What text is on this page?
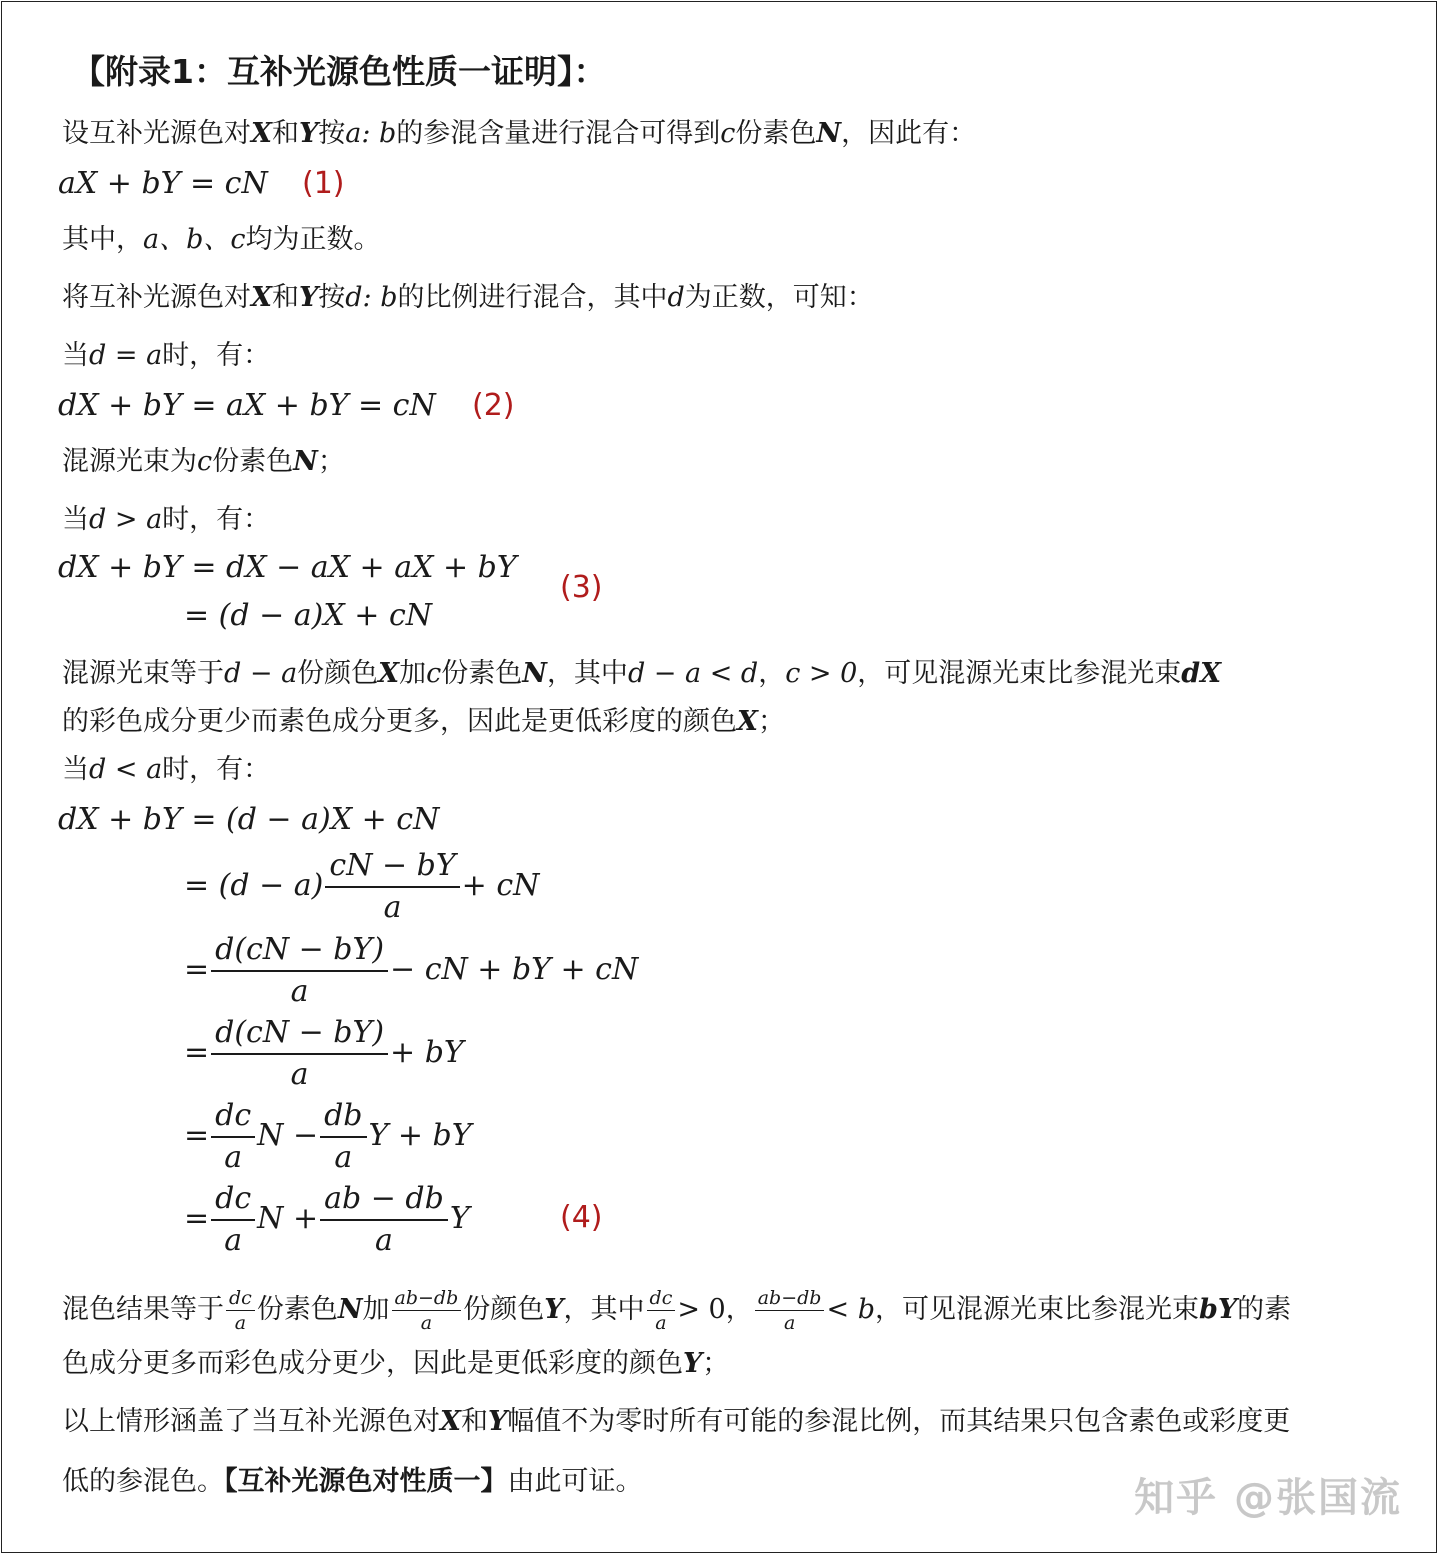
【附录1：互补光源色性质一证明】：
设互补光源色对X和Y按a: b的参混含量进行混合可得到c份素色N，因此有：
aX + bY = cN (1)
其中，a、b、c均为正数。
将互补光源色对X和Y按d: b的比例进行混合，其中d为正数，可知：
当d = a时，有：
dX + bY = aX + bY = cN (2)
混源光束为c份素色N；
当d > a时，有：
dX + bY = dX − aX + aX + bY
= (d − a)X + cN
(3)
混源光束等于d − a份颜色X加c份素色N，其中d − a < d，c > 0，可见混源光束比参混光束dX
的彩色成分更少而素色成分更多，因此是更低彩度的颜色X；
当d < a时，有：
dX + bY = (d − a)X + cN
= $(d - a) \frac{cN - bY}{a}$ + cN
= $\frac{d(cN - bY)}{a}$ − cN + bY + cN
= $\frac{d(cN - bY)}{a}$ + bY
= $\frac{dc}{a}$ $N - \frac{db}{a}$ Y + bY
= $\frac{dc}{a}$ $N + \frac{ab - db}{a}$ Y	(4)
混色结果等于 $\frac{dc}{a}$ 份素色N加 $\frac{ab-db}{a}$ 份颜色Y，其中 $\frac{dc}{a} > 0$， $\frac{ab-db}{a} < b$，可见混源光束比参混光束bY的素
色成分更多而彩色成分更少，因此是更低彩度的颜色Y；
以上情形涵盖了当互补光源色对X和Y幅值不为零时所有可能的参混比例，而其结果只包含素色或彩度更
低的参混色。【互补光源色对性质一】由此可证。	知乎 @张国流
